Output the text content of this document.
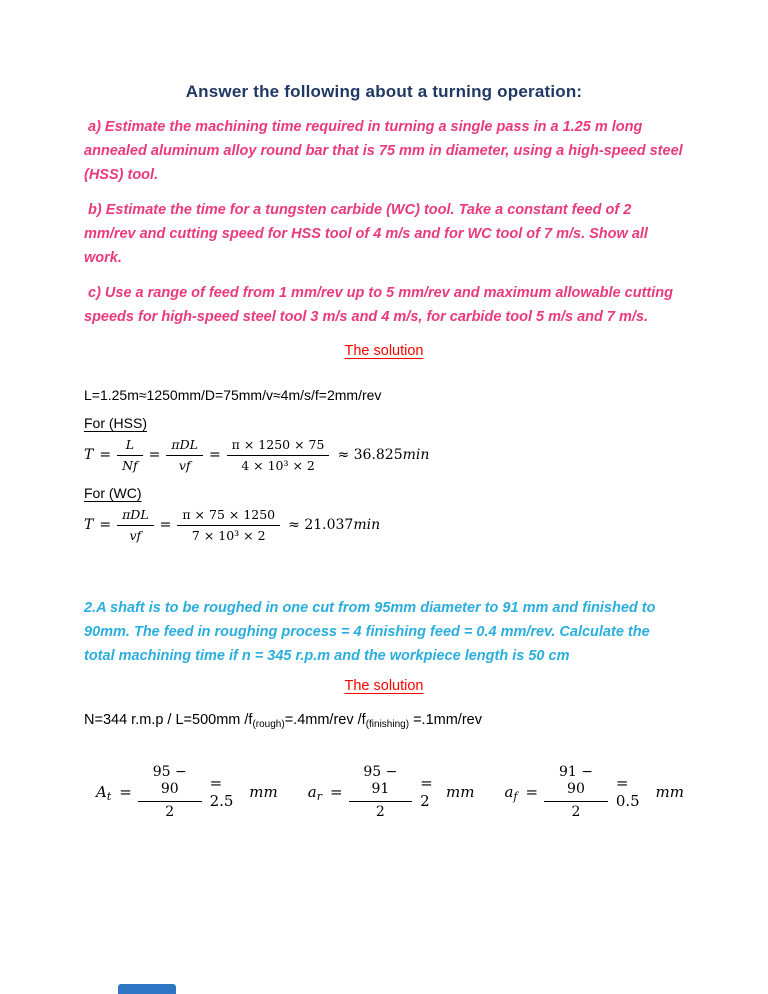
Answer the following about a turning operation:

a) Estimate the machining time required in turning a single pass in a 1.25 m long annealed aluminum alloy round bar that is 75 mm in diameter, using a high-speed steel (HSS) tool.

b) Estimate the time for a tungsten carbide (WC) tool. Take a constant feed of 2 mm/rev and cutting speed for HSS tool of 4 m/s and for WC tool of 7 m/s. Show all work.

c) Use a range of feed from 1 mm/rev up to 5 mm/rev and maximum allowable cutting speeds for high-speed steel tool 3 m/s and 4 m/s, for carbide tool 5 m/s and 7 m/s.

The solution

L=1.25m≈1250mm/D=75mm/v≈4m/s/f=2mm/rev

For (HSS)

$T = \frac{L}{Nf} = \frac{\text{πDL}}{vf} = \frac{\pi \times 1250 \times 75}{\text{4 × 10³ × 2}} \approx 36.825$ min

For (WC)

$T = \frac{\text{πDL}}{vf} = \frac{\pi \times 75 \times 1250}{\text{7 × 10³ × 2}} \approx 21.037$ min

2.A shaft is to be roughed in one cut from 95mm diameter to 91 mm and finished to 90mm. The feed in roughing process = 4 finishing feed = 0.4 mm/rev. Calculate the total machining time if n = 345 r.p.m and the workpiece length is 50 cm

The solution

N=344 r.m.p / L=500mm $/f_{(rough)}=.4mm$/rev $/f_{(finishing)} =.1mm/rev$

A $t = \frac{95 - 90}{2} = 2.5$	mm a $r = \frac{95 - 91}{2} = 2$	mm a $f = \frac{91 - 90}{2} = 0.5$	mm
